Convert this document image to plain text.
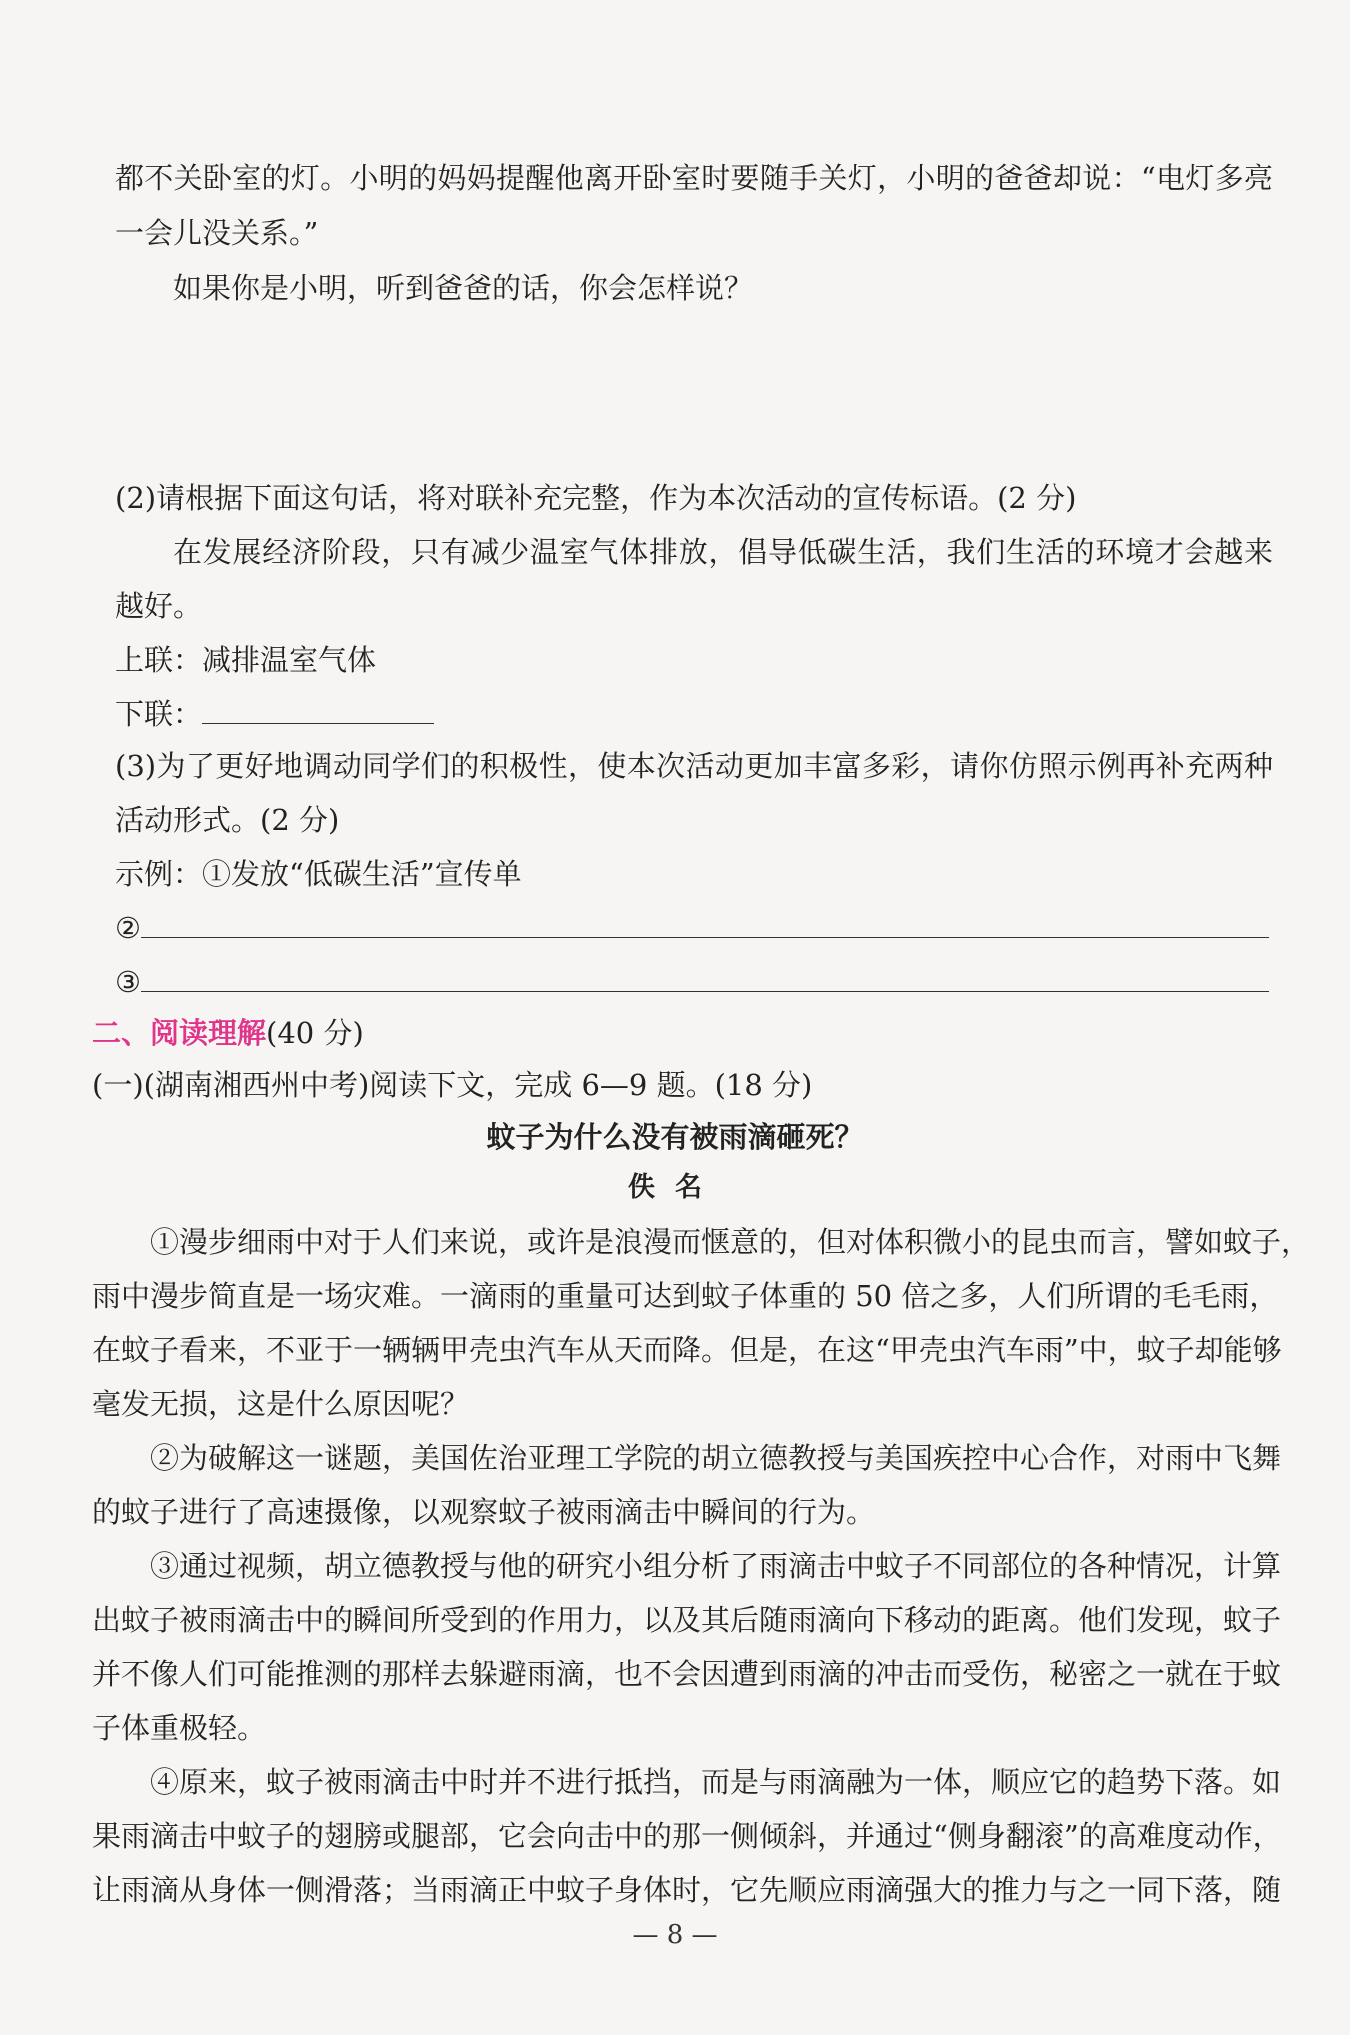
都不关卧室的灯。小明的妈妈提醒他离开卧室时要随手关灯，小明的爸爸却说：“电灯多亮
一会儿没关系。”
如果你是小明，听到爸爸的话，你会怎样说？
(2)请根据下面这句话，将对联补充完整，作为本次活动的宣传标语。(2 分)
在发展经济阶段，只有减少温室气体排放，倡导低碳生活，我们生活的环境才会越来
越好。
上联：减排温室气体
下联：
(3)为了更好地调动同学们的积极性，使本次活动更加丰富多彩，请你仿照示例再补充两种
活动形式。(2 分)
示例：①发放“低碳生活”宣传单
②
③
二、阅读理解(40 分)
(一)(湖南湘西州中考)阅读下文，完成 6—9 题。(18 分)
蚊子为什么没有被雨滴砸死？
佚名
①漫步细雨中对于人们来说，或许是浪漫而惬意的，但对体积微小的昆虫而言，譬如蚊子，
雨中漫步简直是一场灾难。一滴雨的重量可达到蚊子体重的 50 倍之多，人们所谓的毛毛雨，
在蚊子看来，不亚于一辆辆甲壳虫汽车从天而降。但是，在这“甲壳虫汽车雨”中，蚊子却能够
毫发无损，这是什么原因呢？
②为破解这一谜题，美国佐治亚理工学院的胡立德教授与美国疾控中心合作，对雨中飞舞
的蚊子进行了高速摄像，以观察蚊子被雨滴击中瞬间的行为。
③通过视频，胡立德教授与他的研究小组分析了雨滴击中蚊子不同部位的各种情况，计算
出蚊子被雨滴击中的瞬间所受到的作用力，以及其后随雨滴向下移动的距离。他们发现，蚊子
并不像人们可能推测的那样去躲避雨滴，也不会因遭到雨滴的冲击而受伤，秘密之一就在于蚊
子体重极轻。
④原来，蚊子被雨滴击中时并不进行抵挡，而是与雨滴融为一体，顺应它的趋势下落。如
果雨滴击中蚊子的翅膀或腿部，它会向击中的那一侧倾斜，并通过“侧身翻滚”的高难度动作，
让雨滴从身体一侧滑落；当雨滴正中蚊子身体时，它先顺应雨滴强大的推力与之一同下落，随
— 8 —
